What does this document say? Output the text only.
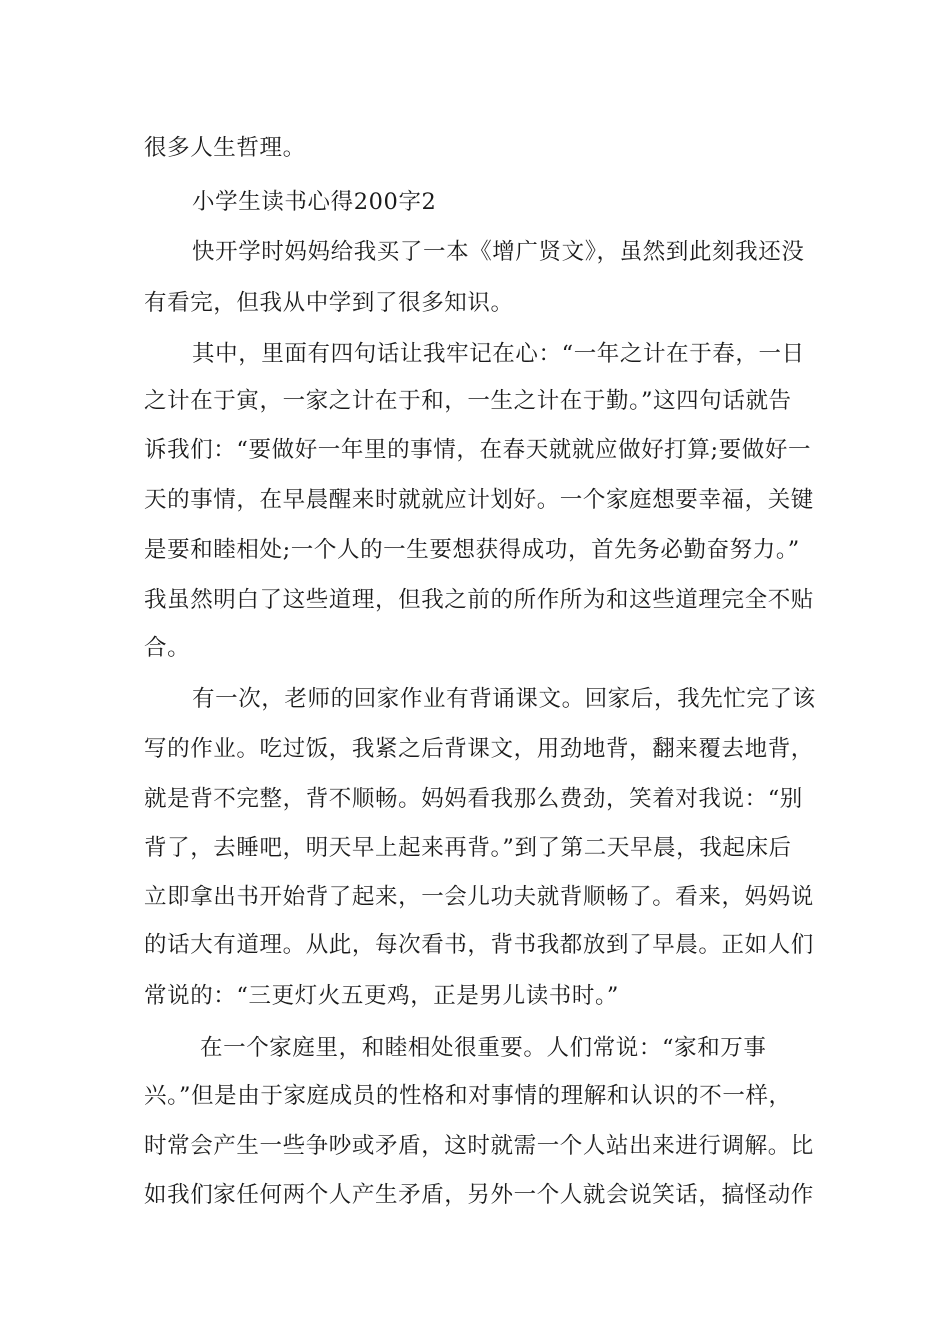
很多人生哲理。
小学生读书心得200字2
快开学时妈妈给我买了一本《增广贤文》，虽然到此刻我还没
有看完，但我从中学到了很多知识。
其中，里面有四句话让我牢记在心：“一年之计在于春，一日
之计在于寅，一家之计在于和，一生之计在于勤。”这四句话就告
诉我们：“要做好一年里的事情，在春天就就应做好打算;要做好一
天的事情，在早晨醒来时就就应计划好。一个家庭想要幸福，关键
是要和睦相处;一个人的一生要想获得成功，首先务必勤奋努力。”
我虽然明白了这些道理，但我之前的所作所为和这些道理完全不贴
合。
有一次，老师的回家作业有背诵课文。回家后，我先忙完了该
写的作业。吃过饭，我紧之后背课文，用劲地背，翻来覆去地背，
就是背不完整，背不顺畅。妈妈看我那么费劲，笑着对我说：“别
背了，去睡吧，明天早上起来再背。”到了第二天早晨，我起床后
立即拿出书开始背了起来，一会儿功夫就背顺畅了。看来，妈妈说
的话大有道理。从此，每次看书，背书我都放到了早晨。正如人们
常说的：“三更灯火五更鸡，正是男儿读书时。”
在一个家庭里，和睦相处很重要。人们常说：“家和万事
兴。”但是由于家庭成员的性格和对事情的理解和认识的不一样，
时常会产生一些争吵或矛盾，这时就需一个人站出来进行调解。比
如我们家任何两个人产生矛盾，另外一个人就会说笑话，搞怪动作
